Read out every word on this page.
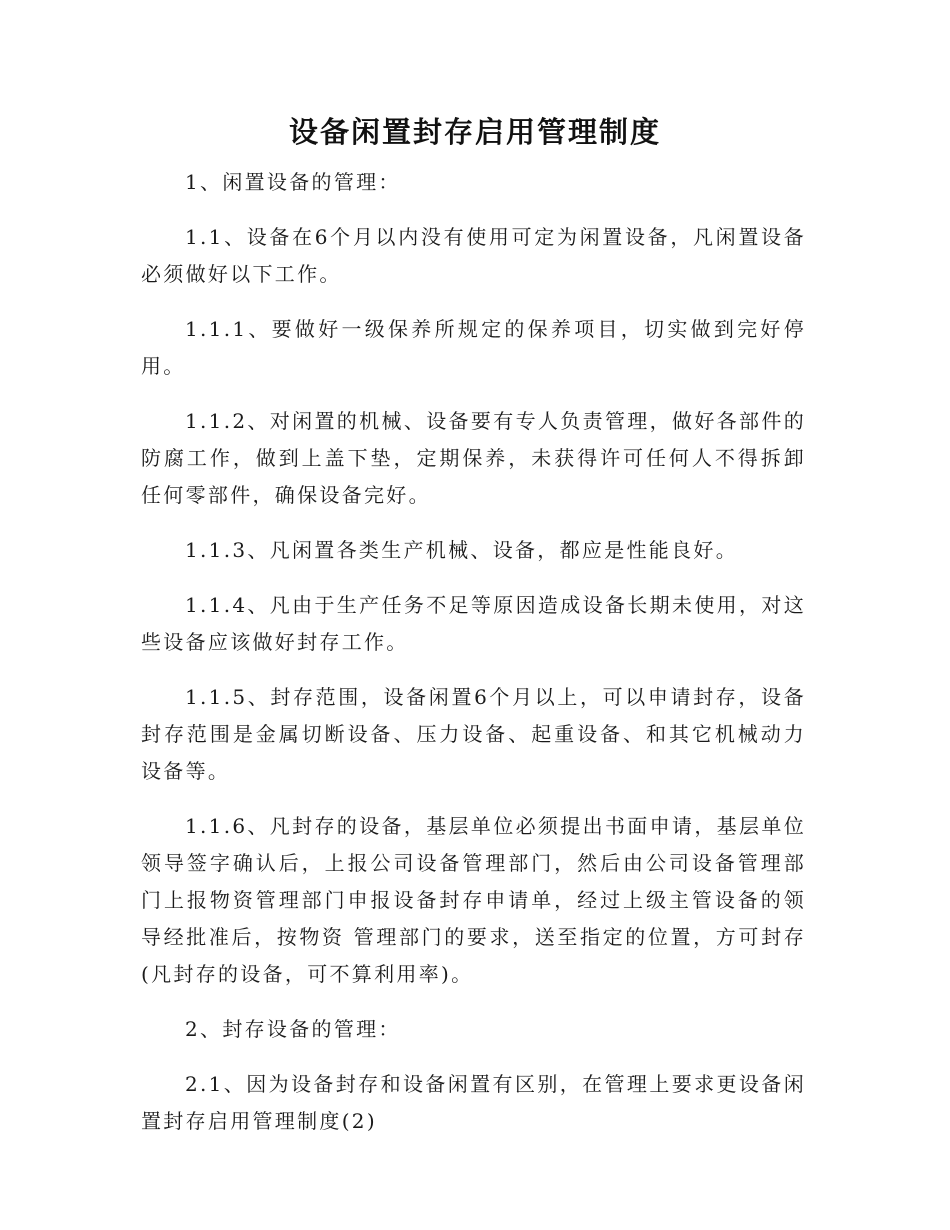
设备闲置封存启用管理制度

1、闲置设备的管理：

1.1、设备在6个月以内没有使用可定为闲置设备，凡闲置设备必须做好以下工作。

1.1.1、要做好一级保养所规定的保养项目，切实做到完好停用。

1.1.2、对闲置的机械、设备要有专人负责管理，做好各部件的防腐工作，做到上盖下垫，定期保养，未获得许可任何人不得拆卸任何零部件，确保设备完好。

1.1.3、凡闲置各类生产机械、设备，都应是性能良好。

1.1.4、凡由于生产任务不足等原因造成设备长期未使用，对这些设备应该做好封存工作。

1.1.5、封存范围，设备闲置6个月以上，可以申请封存，设备封存范围是金属切断设备、压力设备、起重设备、和其它机械动力设备等。

1.1.6、凡封存的设备，基层单位必须提出书面申请，基层单位领导签字确认后，上报公司设备管理部门，然后由公司设备管理部门上报物资管理部门申报设备封存申请单，经过上级主管设备的领导经批准后，按物资 管理部门的要求，送至指定的位置，方可封存(凡封存的设备，可不算利用率)。

2、封存设备的管理：

2.1、因为设备封存和设备闲置有区别，在管理上要求更设备闲置封存启用管理制度(2)
